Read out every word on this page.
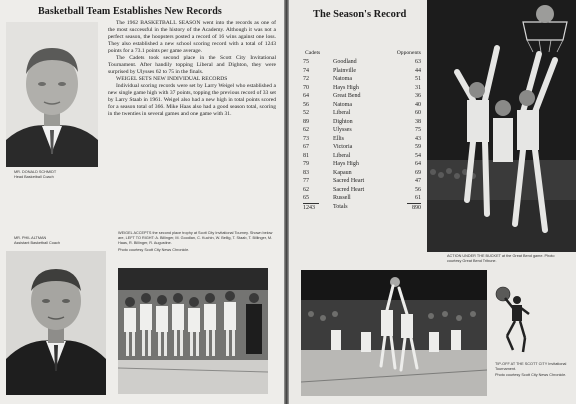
Basketball Team Establishes New Records
MR. DONALD SCHMIDT
Head Basketball Coach
The 1962 BASKETBALL SEASON went into the records as one of the most successful in the history of the Academy. Although it was not a perfect season, the hoopsters posted a record of 16 wins against one loss. They also established a new school scoring record with a total of 1243 points for a 73.1 points per game average.
The Cadets took second place in the Scott City Invitational Tournament. After handily topping Liberal and Dighton, they were surprised by Ulysses 62 to 75 in the finals.
WEIGEL SETS NEW INDIVIDUAL RECORDS
Individual scoring records were set by Larry Weigel who established a new single game high with 37 points, topping the previous record of 33 set by Larry Staab in 1961. Weigel also had a new high in total points scored for a season total of 366. Mike Haas also had a good season total, scoring in the twenties in several games and one game with 31.
MR. PHIL ALTMAN
Assistant Basketball Coach
WEIGEL ACCEPTS the second place trophy at Scott City Invitational Tourney. Shown below are, LEFT TO RIGHT: A. Billinger, M. Goodlan, C. Kuchin, W. Bellig, T. Staab, T. Billinger, M. Haas, R. Billinger, R. Augustine.
Photo courtesy Scott City News Chronicle.
The Season's Record
Cadets	Opponents
75	Goodland	63
74	Plainville	44
72	Natoma	51
70	Hays High	31
64	Great Bend	36
56	Natoma	40
52	Liberal	60
89	Dighton	38
62	Ulysses	75
73	Ellis	43
67	Victoria	59
81	Liberal	54
79	Hays High	64
83	Kapaun	69
77	Sacred Heart	47
62	Sacred Heart	56
65	Russell	61
1243	Totals	890
ACTION UNDER THE BUCKET at the Great Bend game. Photo courtesy Great Bend Tribune.
TIP-OFF AT THE SCOTT CITY Invitational Tournament.
Photo courtesy Scott City News Chronicle.
